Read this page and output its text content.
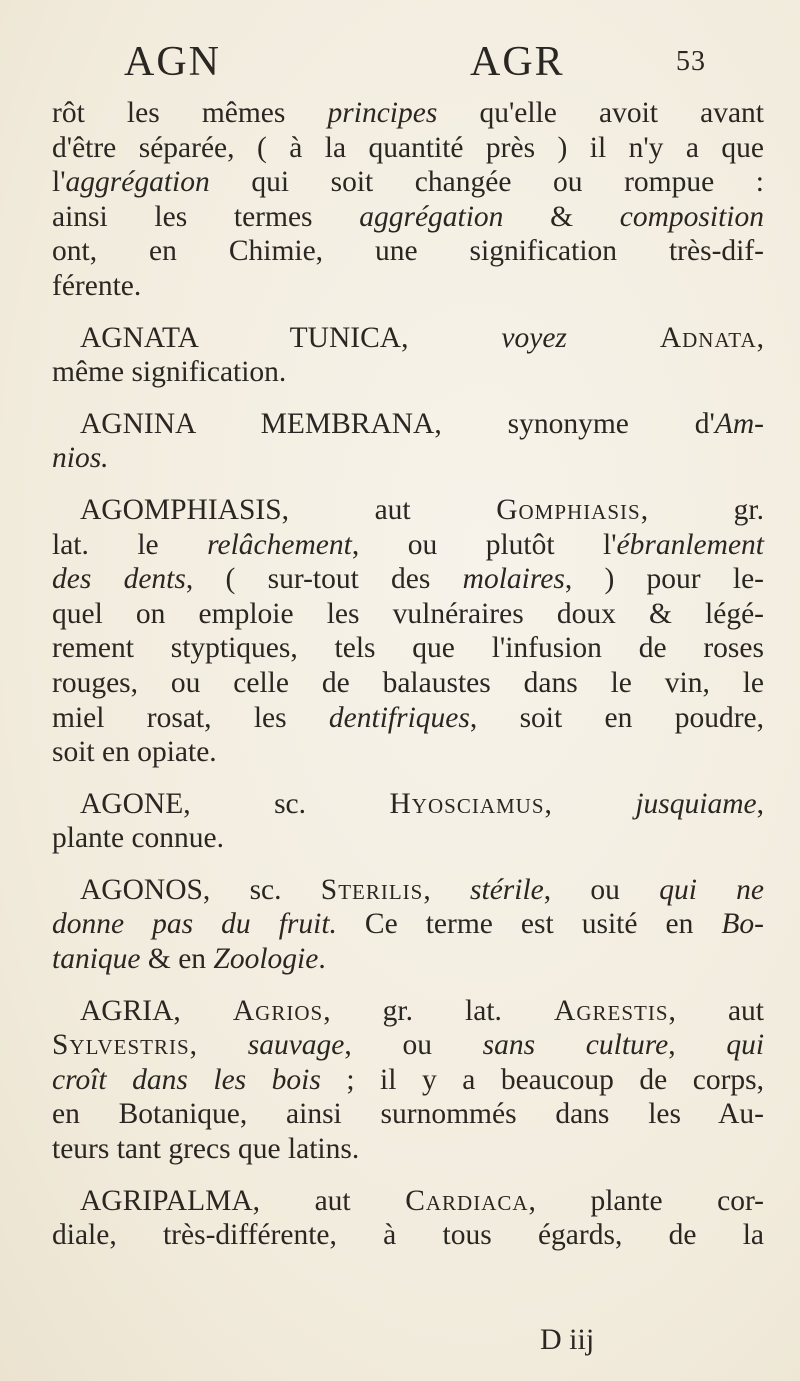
AGN	AGR	53
rôt les mêmes principes qu'elle avoit avant
d'être séparée, ( à la quantité près ) il n'y a que
l'aggrégation qui soit changée ou rompue :
ainsi les termes aggrégation & composition
ont, en Chimie, une signification très-dif-
férente.
AGNATA TUNICA, voyez	Adnata,
même signification.
AGNINA MEMBRANA, synonyme d'Am-
nios.
AGOMPHIASIS, aut Gomphiasis, gr.
lat. le relâchement, ou plutôt l'ébranlement
des dents, ( sur-tout des molaires, ) pour le-
quel on emploie les vulnéraires doux & légé-
rement styptiques, tels que l'infusion de roses
rouges, ou celle de balaustes dans le vin, le
miel rosat, les dentifriques, soit en poudre,
soit en opiate.
AGONE, sc. Hyosciamus, jusquiame,
plante connue.
AGONOS, sc. Sterilis, stérile, ou qui ne
donne pas du fruit. Ce terme est usité en Bo-
tanique & en Zoologie.
AGRIA, Agrios, gr. lat. Agrestis, aut
Sylvestris, sauvage, ou sans culture, qui
croît dans les bois ; il y a beaucoup de corps,
en Botanique, ainsi surnommés dans les Au-
teurs tant grecs que latins.
AGRIPALMA, aut Cardiaca, plante cor-
diale, très-différente, à tous égards, de la
D iij
